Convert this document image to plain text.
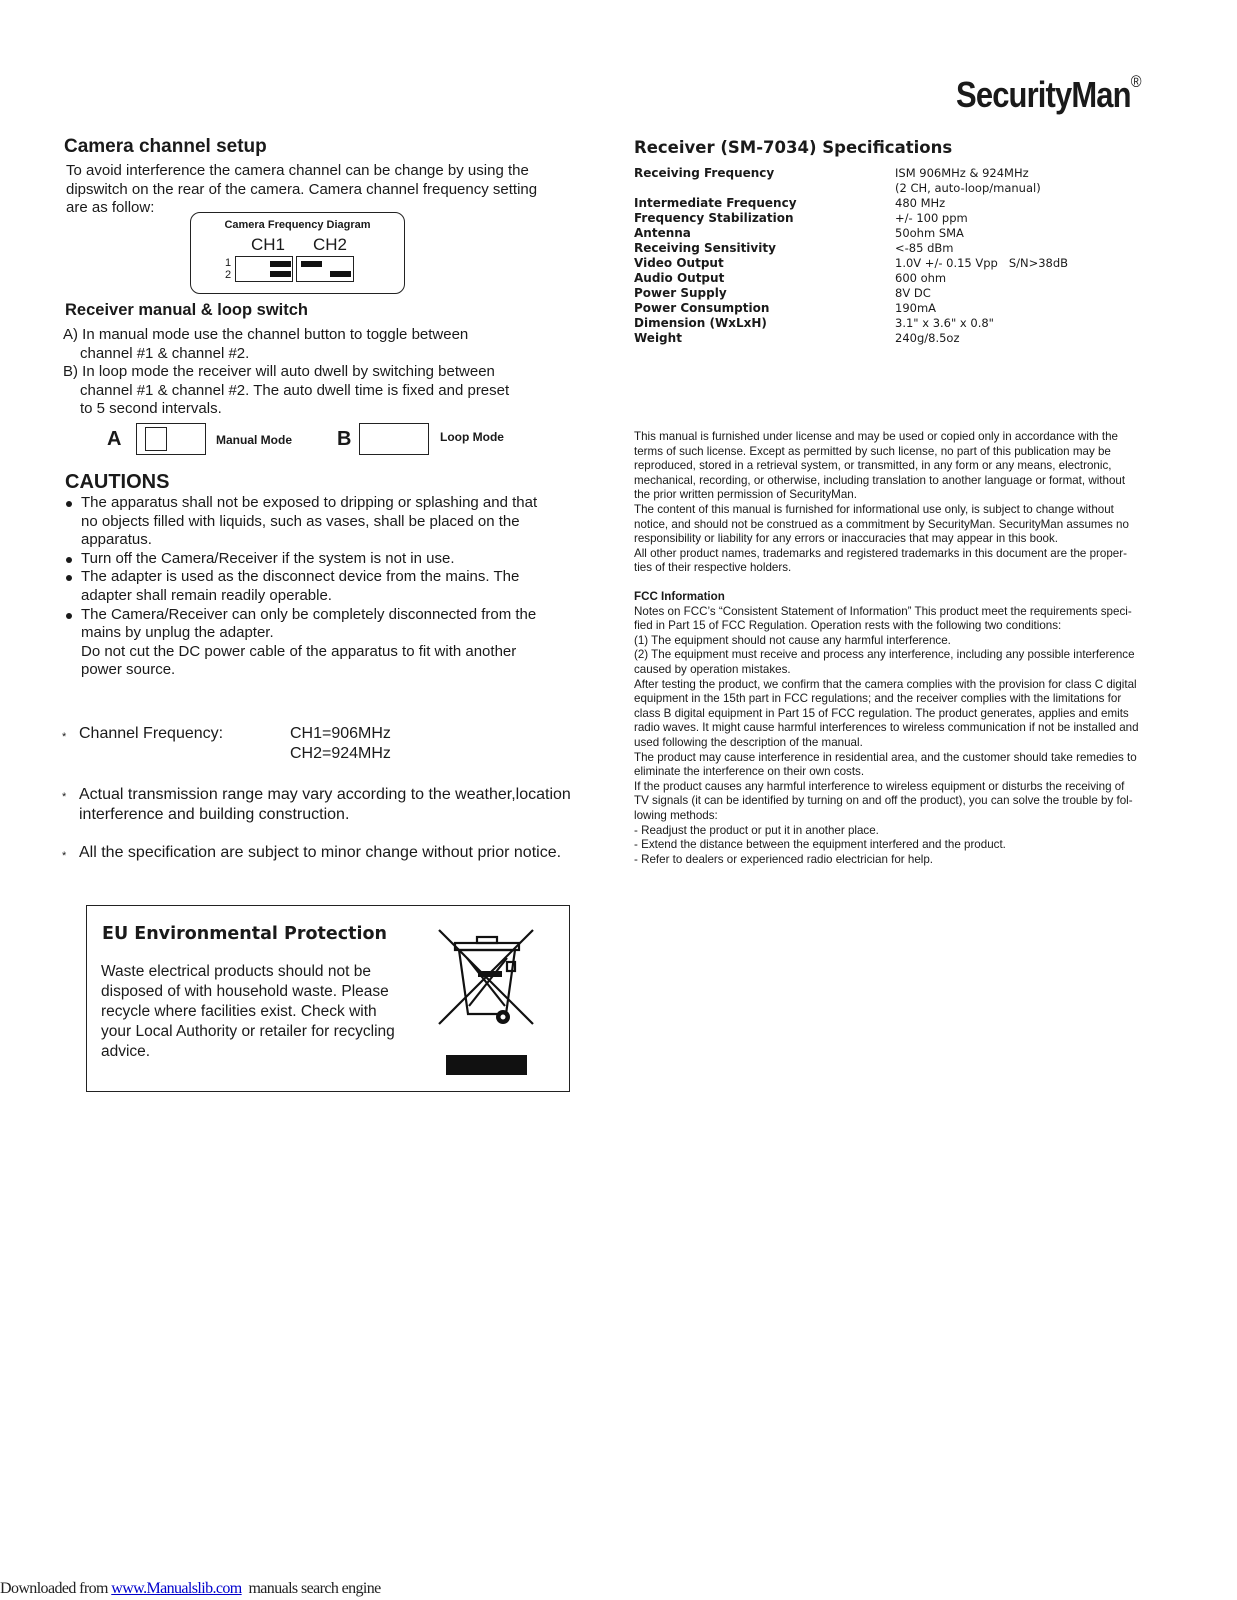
SecurityMan®
Camera channel setup
To avoid interference the camera channel can be change by using the
dipswitch on the rear of the camera. Camera channel frequency setting
are as follow:
Camera Frequency Diagram
CH1 CH2
1
2
Receiver manual & loop switch
A) In manual mode use the channel button to toggle between
channel #1 & channel #2.
B) In loop mode the receiver will auto dwell by switching between
channel #1 & channel #2. The auto dwell time is fixed and preset
to 5 second intervals.
A	Manual Mode B	Loop Mode
CAUTIONS
The apparatus shall not be exposed to dripping or splashing and that
no objects filled with liquids, such as vases, shall be placed on the
apparatus.
Turn off the Camera/Receiver if the system is not in use.
The adapter is used as the disconnect device from the mains. The
adapter shall remain readily operable.
The Camera/Receiver can only be completely disconnected from the
mains by unplug the adapter.
Do not cut the DC power cable of the apparatus to fit with another
power source.
* Channel Frequency:	CH1=906MHz
CH2=924MHz
* Actual transmission range may vary according to the weather,location
interference and building construction.
* All the specification are subject to minor change without prior notice.
EU Environmental Protection
Waste electrical products should not be
disposed of with household waste. Please
recycle where facilities exist. Check with
your Local Authority or retailer for recycling
advice.
Receiver (SM-7034) Specifications
Receiving Frequency	ISM 906MHz & 924MHz
(2 CH, auto-loop/manual)
Intermediate Frequency	480 MHz
Frequency Stabilization	+/- 100 ppm
Antenna	50ohm SMA
Receiving Sensitivity	<-85 dBm
Video Output	1.0V +/- 0.15 Vpp   S/N>38dB
Audio Output	600 ohm
Power Supply	8V DC
Power Consumption	190mA
Dimension (WxLxH)	3.1" x 3.6" x 0.8"
Weight	240g/8.5oz
This manual is furnished under license and may be used or copied only in accordance with the
terms of such license. Except as permitted by such license, no part of this publication may be
reproduced, stored in a retrieval system, or transmitted, in any form or any means, electronic,
mechanical, recording, or otherwise, including translation to another language or format, without
the prior written permission of SecurityMan.
The content of this manual is furnished for informational use only, is subject to change without
notice, and should not be construed as a commitment by SecurityMan. SecurityMan assumes no
responsibility or liability for any errors or inaccuracies that may appear in this book.
All other product names, trademarks and registered trademarks in this document are the proper-
ties of their respective holders.
FCC Information
Notes on FCC’s “Consistent Statement of Information” This product meet the requirements speci-
fied in Part 15 of FCC Regulation. Operation rests with the following two conditions:
(1) The equipment should not cause any harmful interference.
(2) The equipment must receive and process any interference, including any possible interference
caused by operation mistakes.
After testing the product, we confirm that the camera complies with the provision for class C digital
equipment in the 15th part in FCC regulations; and the receiver complies with the limitations for
class B digital equipment in Part 15 of FCC regulation. The product generates, applies and emits
radio waves. It might cause harmful interferences to wireless communication if not be installed and
used following the description of the manual.
The product may cause interference in residential area, and the customer should take remedies to
eliminate the interference on their own costs.
If the product causes any harmful interference to wireless equipment or disturbs the receiving of
TV signals (it can be identified by turning on and off the product), you can solve the trouble by fol-
lowing methods:
- Readjust the product or put it in another place.
- Extend the distance between the equipment interfered and the product.
- Refer to dealers or experienced radio electrician for help.
Downloaded from www.Manualslib.com  manuals search engine
